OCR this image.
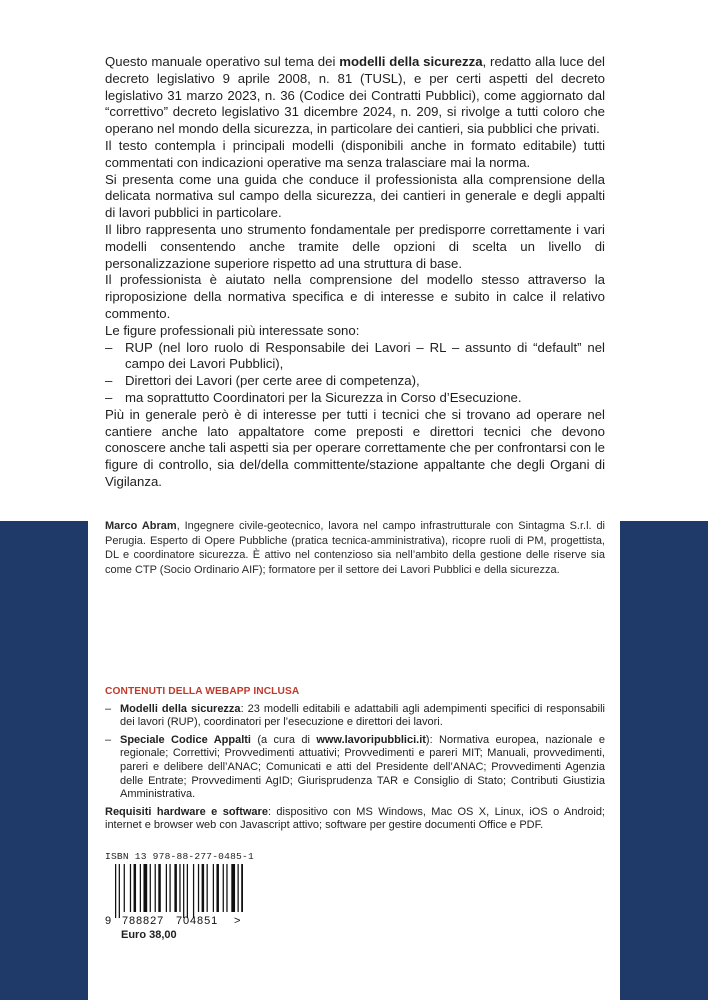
Questo manuale operativo sul tema dei modelli della sicurezza, redatto alla luce del decreto legislativo 9 aprile 2008, n. 81 (TUSL), e per certi aspetti del decreto legislativo 31 marzo 2023, n. 36 (Codice dei Contratti Pubblici), come aggiornato dal “correttivo” decreto legislativo 31 dicembre 2024, n. 209, si rivolge a tutti coloro che operano nel mondo della sicurezza, in particolare dei cantieri, sia pubblici che privati.

Il testo contempla i principali modelli (disponibili anche in formato editabile) tutti commentati con indicazioni operative ma senza tralasciare mai la norma.

Si presenta come una guida che conduce il professionista alla comprensione della delicata normativa sul campo della sicurezza, dei cantieri in generale e degli appalti di lavori pubblici in particolare.

Il libro rappresenta uno strumento fondamentale per predisporre correttamente i vari modelli consentendo anche tramite delle opzioni di scelta un livello di personalizzazione superiore rispetto ad una struttura di base.

Il professionista è aiutato nella comprensione del modello stesso attraverso la riproposizione della normativa specifica e di interesse e subito in calce il relativo commento.

Le figure professionali più interessate sono:

– RUP (nel loro ruolo di Responsabile dei Lavori – RL – assunto di “default” nel campo dei Lavori Pubblici),
– Direttori dei Lavori (per certe aree di competenza),
– ma soprattutto Coordinatori per la Sicurezza in Corso d’Esecuzione.

Più in generale però è di interesse per tutti i tecnici che si trovano ad operare nel cantiere anche lato appaltatore come preposti e direttori tecnici che devono conoscere anche tali aspetti sia per operare correttamente che per confrontarsi con le figure di controllo, sia del/della committente/stazione appaltante che degli Organi di Vigilanza.

Marco Abram, Ingegnere civile-geotecnico, lavora nel campo infrastrutturale con Sintagma S.r.l. di Perugia. Esperto di Opere Pubbliche (pratica tecnica-amministrativa), ricopre ruoli di PM, progettista, DL e coordinatore sicurezza. È attivo nel contenzioso sia nell’ambito della gestione delle riserve sia come CTP (Socio Ordinario AIF); formatore per il settore dei Lavori Pubblici e della sicurezza.
CONTENUTI DELLA WEBAPP INCLUSA
– Modelli della sicurezza: 23 modelli editabili e adattabili agli adempimenti specifici di responsabili dei lavori (RUP), coordinatori per l’esecuzione e direttori dei lavori.
– Speciale Codice Appalti (a cura di www.lavoripubblici.it): Normativa europea, nazionale e regionale; Correttivi; Provvedimenti attuativi; Provvedimenti e pareri MIT; Manuali, provvedimenti, pareri e delibere dell’ANAC; Comunicati e atti del Presidente dell’ANAC; Provvedimenti Agenzia delle Entrate; Provvedimenti AgID; Giurisprudenza TAR e Consiglio di Stato; Contributi Giustizia Amministrativa.
Requisiti hardware e software: dispositivo con MS Windows, Mac OS X, Linux, iOS o Android; internet e browser web con Javascript attivo; software per gestire documenti Office e PDF.
ISBN 13 978-88-277-0485-1
9 788827 704851 >
Euro 38,00
